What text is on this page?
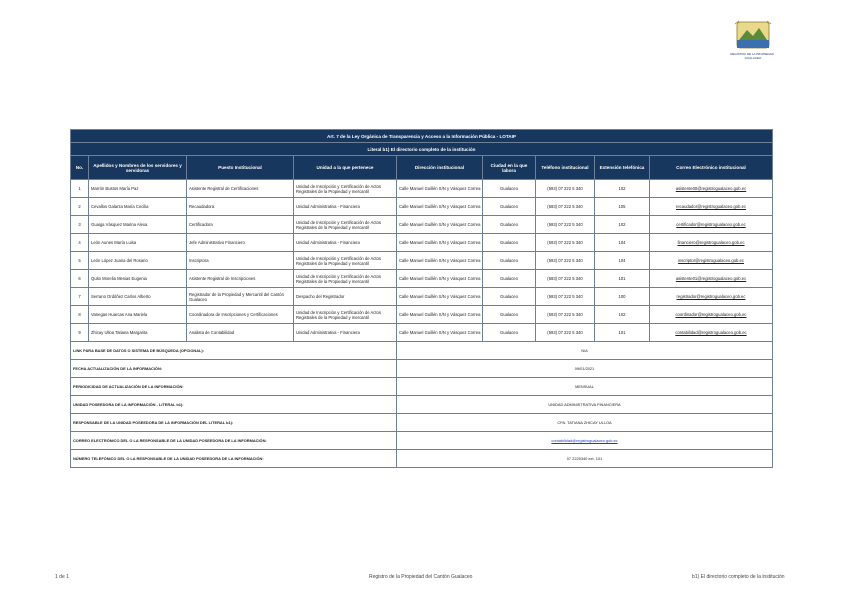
REGISTRO DE LA PROPIEDAD · GUALACEO
Art. 7 de la Ley Orgánica de Transparencia y Acceso a la Información Pública - LOTAIP								
Literal b1) El directorio completo de la institución								
No.	Apellidos y Nombres de los servidores y servidoras	Puesto Institucional	Unidad a la que pertenece	Dirección institucional	Ciudad en la que labora	Teléfono institucional	Extensión telefónica	Correo Electrónico institucional
1	Marrón Bustos María Paz	Asistente Registral de Certificaciones	Unidad de Inscripción y Certificación de Actos Registrales de la Propiedad y mercantil	Calle Manuel Guillén S/N y Vásquez Correa	Gualaceo	(593) 07 222 5 340	102	asistente00@registrogualaceo.gob.ec
2	Cevallos Galarza María Cecilia	Recaudadora	Unidad Administrativa - Financiera	Calle Manuel Guillén S/N y Vásquez Correa	Gualaceo	(593) 07 222 5 340	105	recaudador@registrogualaceo.gob.ec
3	Guaiga Vásquez Marina Alexa	Certificadora	Unidad de Inscripción y Certificación de Actos Registrales de la Propiedad y mercantil	Calle Manuel Guillén S/N y Vásquez Correa	Gualaceo	(593) 07 222 5 340	102	certificador@registrogualaceo.gob.ec
4	León Aunes María Luisa	Jefe Administrativo Financiero	Unidad Administrativa - Financiera	Calle Manuel Guillén S/N y Vásquez Correa	Gualaceo	(593) 07 222 5 340	104	financiero@registrogualaceo.gob.ec
5	León López Juana del Rosario	Inscriptora	Unidad de Inscripción y Certificación de Actos Registrales de la Propiedad y mercantil	Calle Manuel Guillén S/N y Vásquez Correa	Gualaceo	(593) 07 222 5 340	104	inscriptor@registrogualaceo.gob.ec
6	Quito Morelia Mesias Eugenia	Asistente Registral de Inscripciones	Unidad de Inscripción y Certificación de Actos Registrales de la Propiedad y mercantil	Calle Manuel Guillén S/N y Vásquez Correa	Gualaceo	(593) 07 222 5 340	101	asistente01@registrogualaceo.gob.ec
7	Serrano Ordóñez Carlos Alberto	Registrador de la Propiedad y Mercantil del Cantón Gualaceo	Despacho del Registrador	Calle Manuel Guillén S/N y Vásquez Correa	Gualaceo	(593) 07 222 5 340	100	registrador@registrogualaceo.gob.ec
8	Vanegas Huarcas Ana Mariela	Coordinadora de Inscripciones y Certificaciones	Unidad de Inscripción y Certificación de Actos Registrales de la Propiedad y mercantil	Calle Manuel Guillén S/N y Vásquez Correa	Gualaceo	(593) 07 222 5 340	102	coordinador@registrogualaceo.gob.ec
9	Zhicay Ulloa Tatiana Margarita	Analista de Contabilidad	Unidad Administrativa - Financiera	Calle Manuel Guillén S/N y Vásquez Correa	Gualaceo	(593) 07 222 5 340	101	contabilidad@registrogualaceo.gob.ec
LINK PARA BASE DE DATOS O SISTEMA DE BÚSQUEDA (OPCIONAL):				N/A				
FECHA ACTUALIZACIÓN DE LA INFORMACIÓN:				09/01/2021				
PERIODICIDAD DE ACTUALIZACIÓN DE LA INFORMACIÓN:				MENSUAL				
UNIDAD POSEEDORA DE LA INFORMACIÓN - LITERAL b1):				UNIDAD ADMINISTRATIVA FINANCIERA				
RESPONSABLE DE LA UNIDAD POSEEDORA DE LA INFORMACIÓN DEL LITERAL b1):				CPA. TATIANA ZHICAY ULLOA				
CORREO ELECTRÓNICO DEL O LA RESPONSABLE DE LA UNIDAD POSEEDORA DE LA INFORMACIÓN:				contabilidad@registrogualaceo.gob.ec				
NÚMERO TELEFÓNICO DEL O LA RESPONSABLE DE LA UNIDAD POSEEDORA DE LA INFORMACIÓN:				07 2225340 ext. 101				
1 de 1	Registro de la Propiedad del Cantón Gualaceo	b1) El directorio completo de la institución
